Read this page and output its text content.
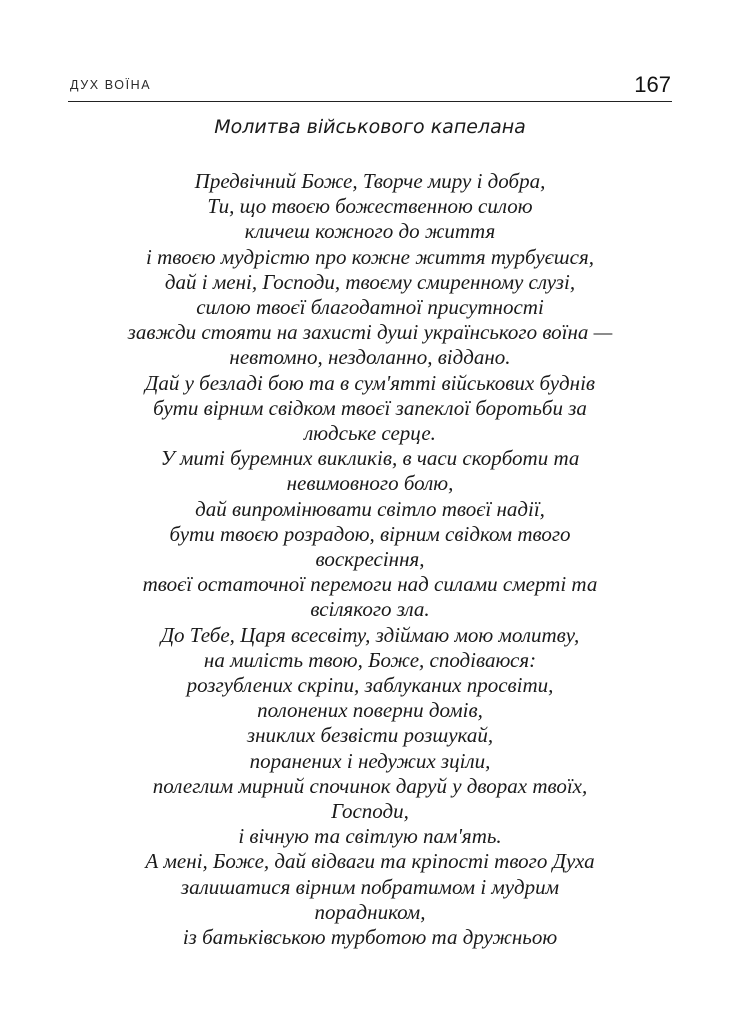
ДУХ ВОЇНА	167
Молитва військового капелана
Предвічний Боже, Творче миру і добра,
Ти, що твоєю божественною силою
кличеш кожного до життя
і твоєю мудрістю про кожне життя турбуєшся,
дай і мені, Господи, твоєму смиренному слузі,
силою твоєї благодатної присутності
завжди стояти на захисті душі українського воїна —
невтомно, нездоланно, віддано.
Дай у безладі бою та в сум'ятті військових буднів
бути вірним свідком твоєї запеклої боротьби за
людське серце.
У миті буремних викликів, в часи скорботи та
невимовного болю,
дай випромінювати світло твоєї надії,
бути твоєю розрадою, вірним свідком твого
воскресіння,
твоєї остаточної перемоги над силами смерті та
всілякого зла.
До Тебе, Царя всесвіту, здіймаю мою молитву,
на милість твою, Боже, сподіваюся:
розгублених скріпи, заблуканих просвіти,
полонених поверни домів,
зниклих безвісти розшукай,
поранених і недужих зціли,
полеглим мирний спочинок даруй у дворах твоїх,
Господи,
і вічную та світлую пам'ять.
А мені, Боже, дай відваги та кріпості твого Духа
залишатися вірним побратимом і мудрим
порадником,
із батьківською турботою та дружньою
